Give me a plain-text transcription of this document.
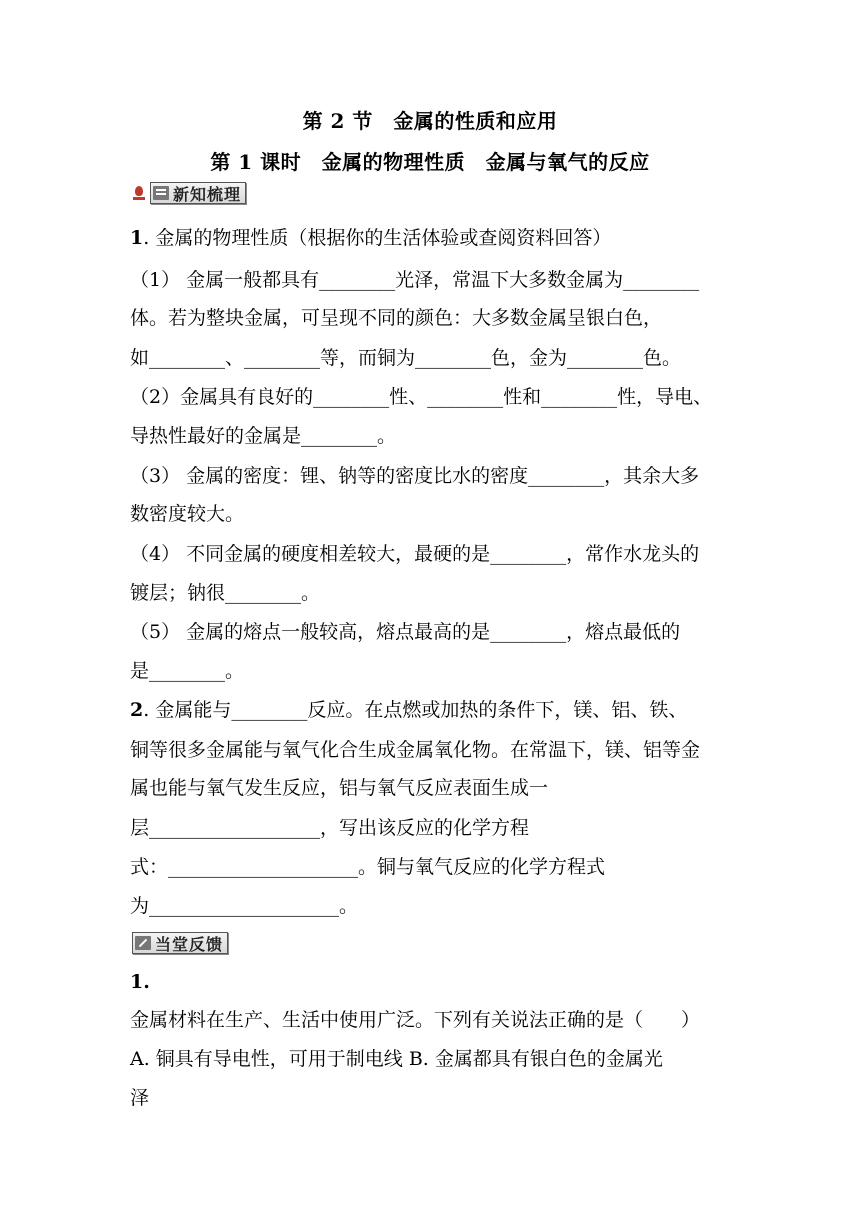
第 2 节　金属的性质和应用
第 1 课时　金属的物理性质　金属与氧气的反应
新知梳理
1. 金属的物理性质（根据你的生活体验或查阅资料回答）
（1） 金属一般都具有________光泽，常温下大多数金属为________
体。若为整块金属，可呈现不同的颜色：大多数金属呈银白色，
如________、________等，而铜为________色，金为________色。
（2）金属具有良好的________性、________性和________性，导电、
导热性最好的金属是________。
（3） 金属的密度：锂、钠等的密度比水的密度________，其余大多
数密度较大。
（4） 不同金属的硬度相差较大，最硬的是________，常作水龙头的
镀层；钠很________。
（5） 金属的熔点一般较高，熔点最高的是________，熔点最低的
是________。
2. 金属能与________反应。在点燃或加热的条件下，镁、铝、铁、
铜等很多金属能与氧气化合生成金属氧化物。在常温下，镁、铝等金
属也能与氧气发生反应，铝与氧气反应表面生成一
层__________________，写出该反应的化学方程
式：____________________。铜与氧气反应的化学方程式
为____________________。
当堂反馈
1.
金属材料在生产、生活中使用广泛。下列有关说法正确的是（　　）
A. 铜具有导电性，可用于制电线 B. 金属都具有银白色的金属光
泽
